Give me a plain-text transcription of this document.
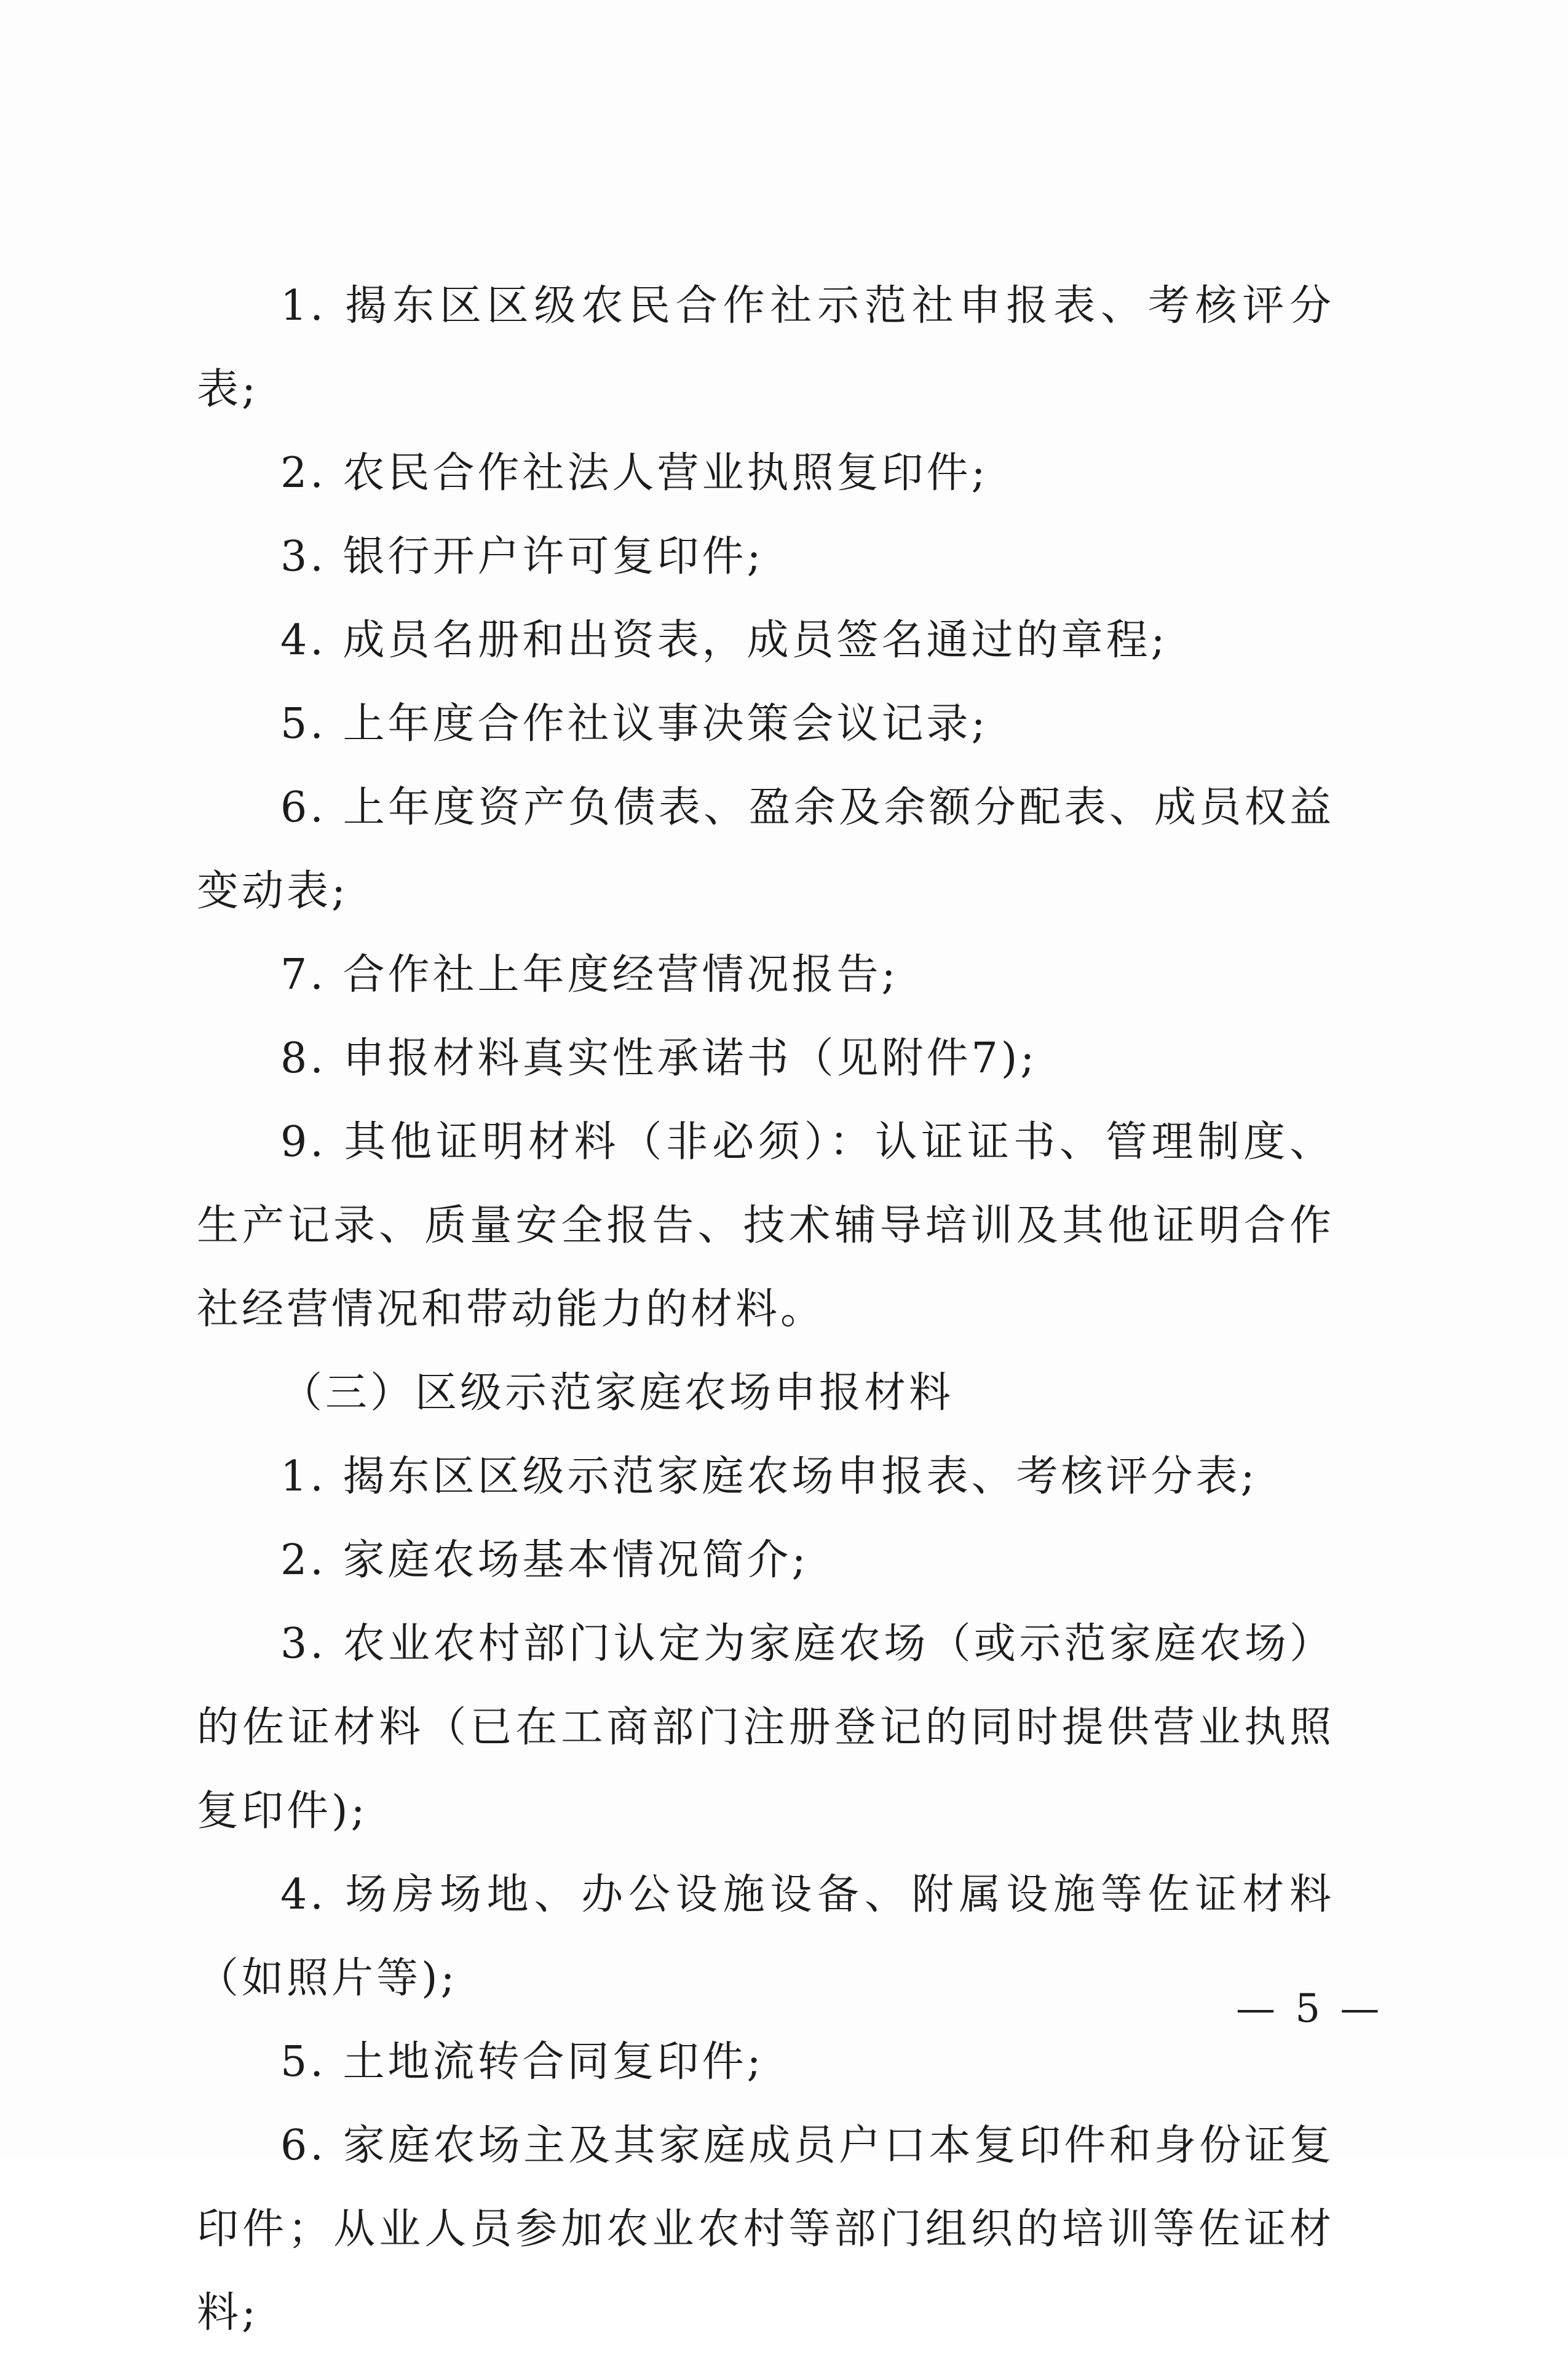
1. 揭东区区级农民合作社示范社申报表、考核评分表;

2. 农民合作社法人营业执照复印件;

3. 银行开户许可复印件;

4. 成员名册和出资表，成员签名通过的章程;

5. 上年度合作社议事决策会议记录;

6. 上年度资产负债表、盈余及余额分配表、成员权益变动表;

7. 合作社上年度经营情况报告;

8. 申报材料真实性承诺书（见附件7);

9. 其他证明材料（非必须）：认证证书、管理制度、生产记录、质量安全报告、技术辅导培训及其他证明合作社经营情况和带动能力的材料。

（三）区级示范家庭农场申报材料

1. 揭东区区级示范家庭农场申报表、考核评分表;

2. 家庭农场基本情况简介;

3. 农业农村部门认定为家庭农场（或示范家庭农场）的佐证材料（已在工商部门注册登记的同时提供营业执照复印件);

4. 场房场地、办公设施设备、附属设施等佐证材料（如照片等);

5. 土地流转合同复印件;

6. 家庭农场主及其家庭成员户口本复印件和身份证复印件；从业人员参加农业农村等部门组织的培训等佐证材料;

— 5 —
